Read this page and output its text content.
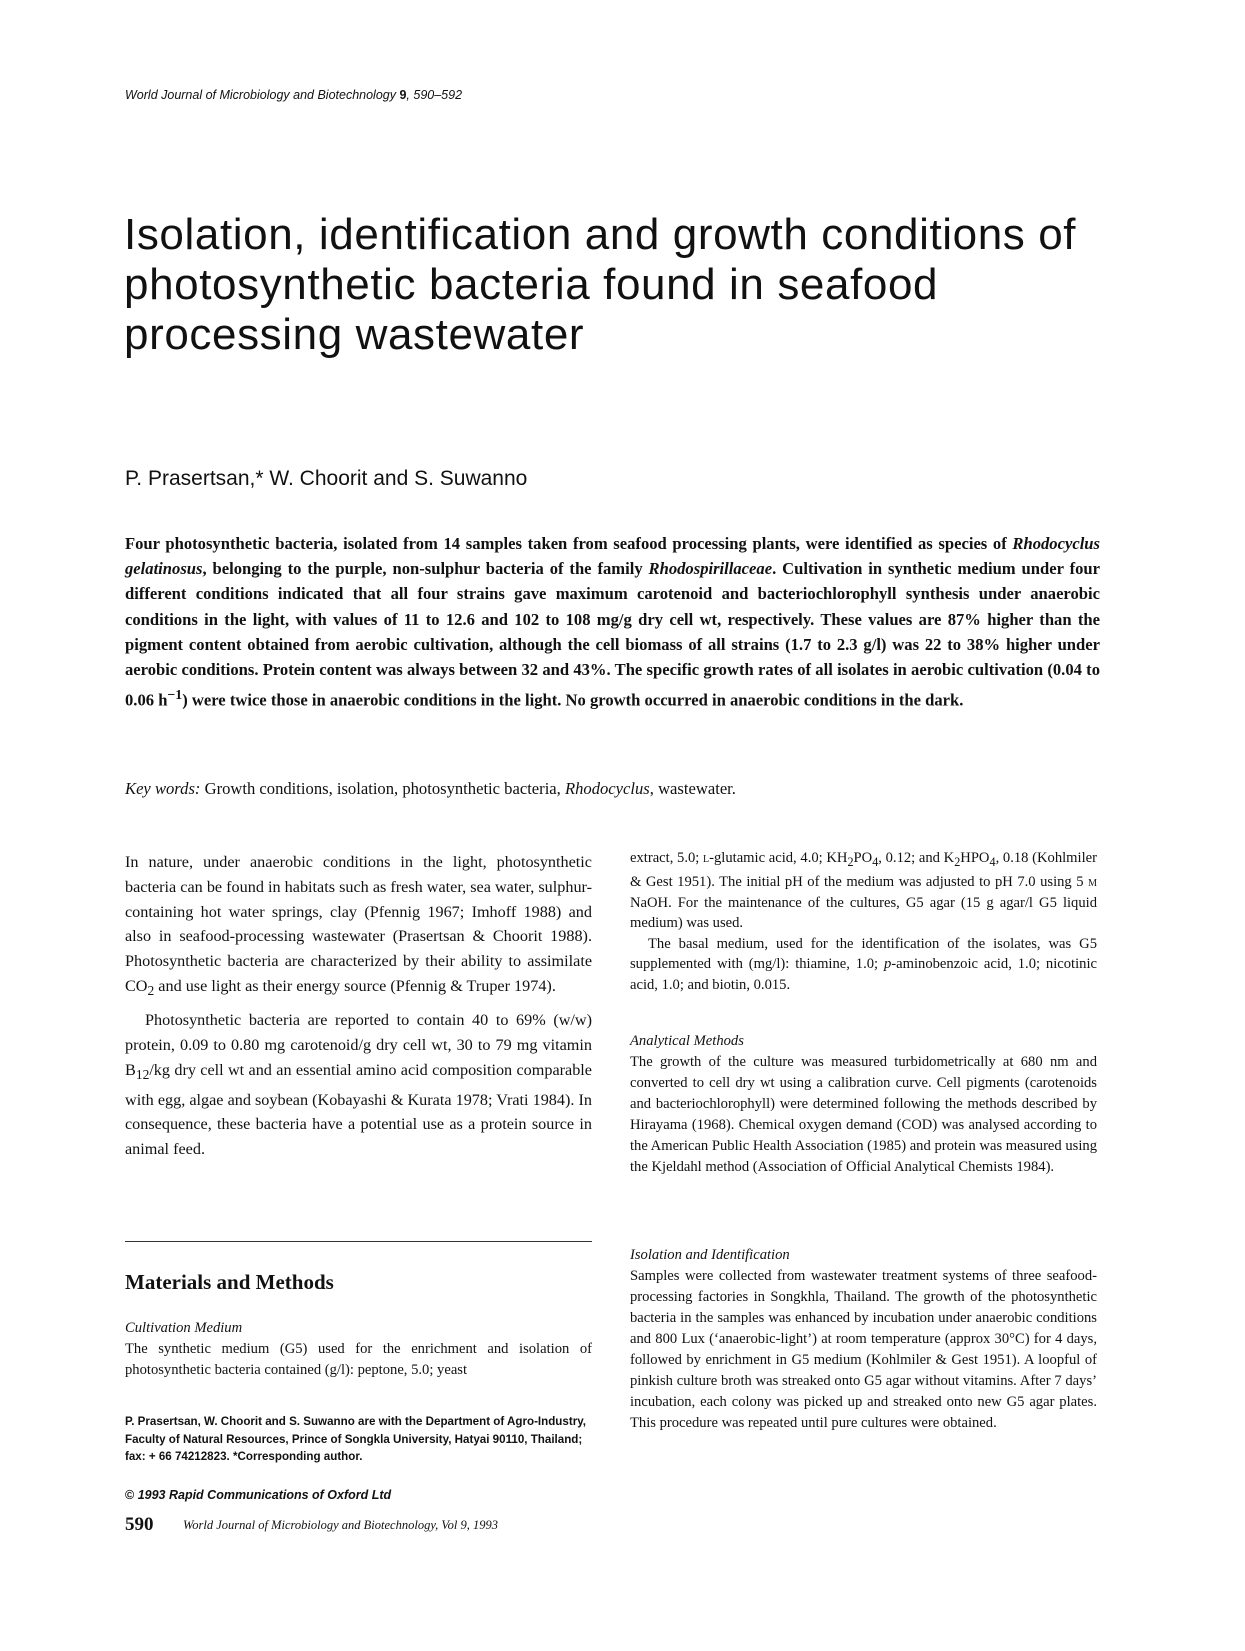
World Journal of Microbiology and Biotechnology 9, 590–592
Isolation, identification and growth conditions of photosynthetic bacteria found in seafood processing wastewater
P. Prasertsan,* W. Choorit and S. Suwanno

Four photosynthetic bacteria, isolated from 14 samples taken from seafood processing plants, were identified as species of Rhodocyclus gelatinosus, belonging to the purple, non-sulphur bacteria of the family Rhodospirillaceae. Cultivation in synthetic medium under four different conditions indicated that all four strains gave maximum carotenoid and bacteriochlorophyll synthesis under anaerobic conditions in the light, with values of 11 to 12.6 and 102 to 108 mg/g dry cell wt, respectively. These values are 87% higher than the pigment content obtained from aerobic cultivation, although the cell biomass of all strains (1.7 to 2.3 g/l) was 22 to 38% higher under aerobic conditions. Protein content was always between 32 and 43%. The specific growth rates of all isolates in aerobic cultivation (0.04 to 0.06 $h^{-1}$) were twice those in anaerobic conditions in the light. No growth occurred in anaerobic conditions in the dark.

Key words: Growth conditions, isolation, photosynthetic bacteria, Rhodocyclus, wastewater.

In nature, under anaerobic conditions in the light, photosynthetic bacteria can be found in habitats such as fresh water, sea water, sulphur-containing hot water springs, clay (Pfennig 1967; Imhoff 1988) and also in seafood-processing wastewater (Prasertsan & Choorit 1988). Photosynthetic bacteria are characterized by their ability to assimilate $CO_2$ and use light as their energy source (Pfennig & Truper 1974).

Photosynthetic bacteria are reported to contain 40 to 69% (w/w) protein, 0.09 to 0.80 mg carotenoid/g dry cell wt, 30 to 79 mg vitamin $B_{12}/kg$ dry cell wt and an essential amino acid composition comparable with egg, algae and soybean (Kobayashi & Kurata 1978; Vrati 1984). In consequence, these bacteria have a potential use as a protein source in animal feed.

Materials and Methods
Cultivation Medium

The synthetic medium (G5) used for the enrichment and isolation of photosynthetic bacteria contained (g/l): peptone, 5.0; yeast

P. Prasertsan, W. Choorit and S. Suwanno are with the Department of Agro-Industry, Faculty of Natural Resources, Prince of Songkla University, Hatyai 90110, Thailand; fax: + 66 74212823. *Corresponding author.
© 1993 Rapid Communications of Oxford Ltd
590 World Journal of Microbiology and Biotechnology, Vol 9, 1993

extract, 5.0; l-glutamic acid, 4.0; $KH_2PO_4$, 0.12; and $K_2HPO_4$, 0.18 (Kohlmiler & Gest 1951). The initial pH of the medium was adjusted to pH 7.0 using 5 m NaOH. For the maintenance of the cultures, G5 agar (15 g agar/l G5 liquid medium) was used.

The basal medium, used for the identification of the isolates, was G5 supplemented with (mg/l): thiamine, 1.0; p-aminobenzoic acid, 1.0; nicotinic acid, 1.0; and biotin, 0.015.

Analytical Methods

The growth of the culture was measured turbidometrically at 680 nm and converted to cell dry wt using a calibration curve. Cell pigments (carotenoids and bacteriochlorophyll) were determined following the methods described by Hirayama (1968). Chemical oxygen demand (COD) was analysed according to the American Public Health Association (1985) and protein was measured using the Kjeldahl method (Association of Official Analytical Chemists 1984).

Isolation and Identification

Samples were collected from wastewater treatment systems of three seafood-processing factories in Songkhla, Thailand. The growth of the photosynthetic bacteria in the samples was enhanced by incubation under anaerobic conditions and 800 Lux (‘anaerobic-light’) at room temperature (approx 30°C) for 4 days, followed by enrichment in G5 medium (Kohlmiler & Gest 1951). A loopful of pinkish culture broth was streaked onto G5 agar without vitamins. After 7 days’ incubation, each colony was picked up and streaked onto new G5 agar plates. This procedure was repeated until pure cultures were obtained.
